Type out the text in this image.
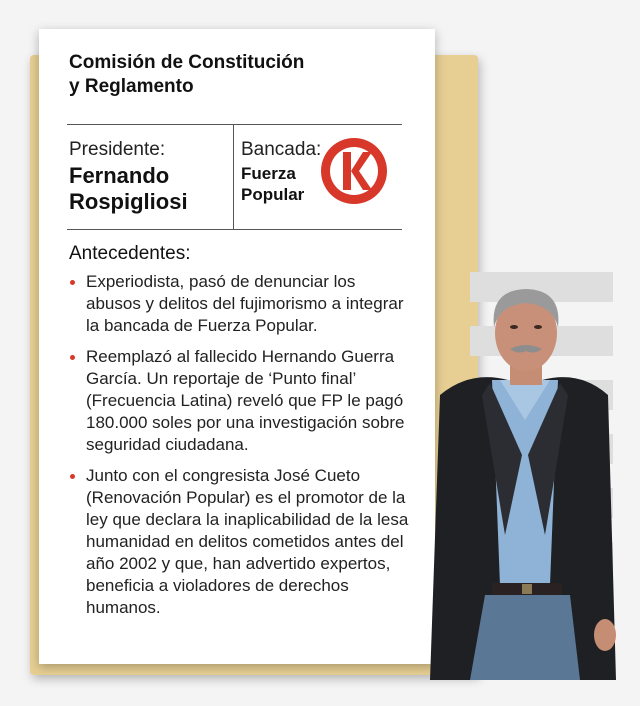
Comisión de Constitución
y Reglamento
Presidente:
Fernando
Rospigliosi
Bancada:
Fuerza
Popular
Antecedentes:
Experiodista, pasó de denunciar los abusos y delitos del fujimorismo a integrar la bancada de Fuerza Popular.
Reemplazó al fallecido Hernando Guerra García. Un reportaje de ‘Punto final’ (Frecuencia Latina) reveló que FP le pagó 180.000 soles por una investigación sobre seguridad ciudadana.
Junto con el congresista José Cueto (Renovación Popular) es el promotor de la ley que declara la inaplicabilidad de la lesa humanidad en delitos cometidos antes del año 2002 y que, han advertido expertos, beneficia a violadores de derechos humanos.
